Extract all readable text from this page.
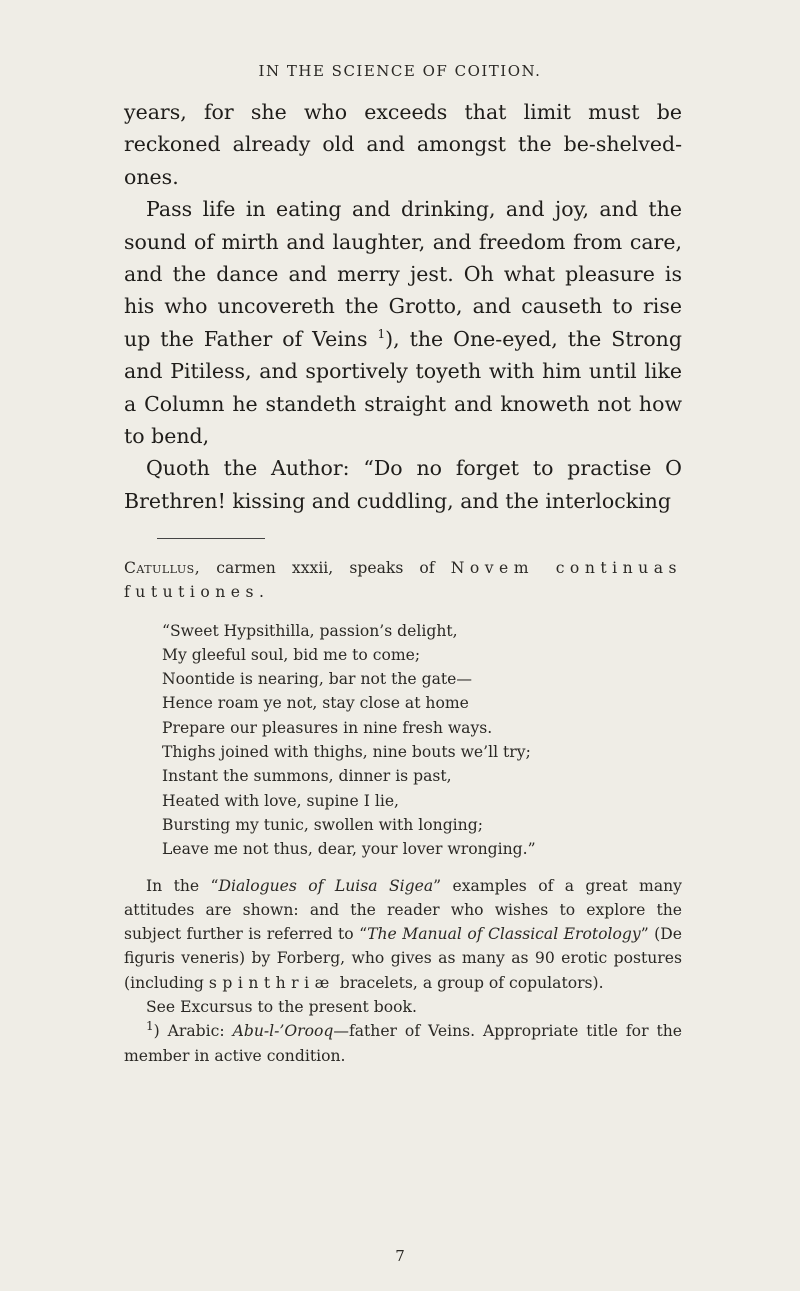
IN THE SCIENCE OF COITION.

years, for she who exceeds that limit must be reckoned already old and amongst the be-shelved-ones.

Pass life in eating and drinking, and joy, and the sound of mirth and laughter, and freedom from care, and the dance and merry jest. Oh what pleasure is his who uncovereth the Grotto, and causeth to rise up the Father of Veins $^1$), the One-eyed, the Strong and Pitiless, and sportively toyeth with him until like a Column he standeth straight and knoweth not how to bend,

Quoth the Author: “Do no forget to practise O Brethren! kissing and cuddling, and the interlocking

Catullus, carmen xxxii, speaks of Novem continuas fututiones.

“Sweet Hypsithilla, passion’s delight,
My gleeful soul, bid me to come;
Noontide is nearing, bar not the gate—
Hence roam ye not, stay close at home
Prepare our pleasures in nine fresh ways.
Thighs joined with thighs, nine bouts we’ll try;
Instant the summons, dinner is past,
Heated with love, supine I lie,
Bursting my tunic, swollen with longing;
Leave me not thus, dear, your lover wronging.”

In the “Dialogues of Luisa Sigea” examples of a great many attitudes are shown: and the reader who wishes to explore the subject further is referred to “The Manual of Classical Erotology” (De figuris veneris) by Forberg, who gives as many as 90 erotic postures (including spinthriæ bracelets, a group of copulators).

See Excursus to the present book.

$^1$) Arabic: Abu-l-’Orooq—father of Veins. Appropriate title for the member in active condition.

7
